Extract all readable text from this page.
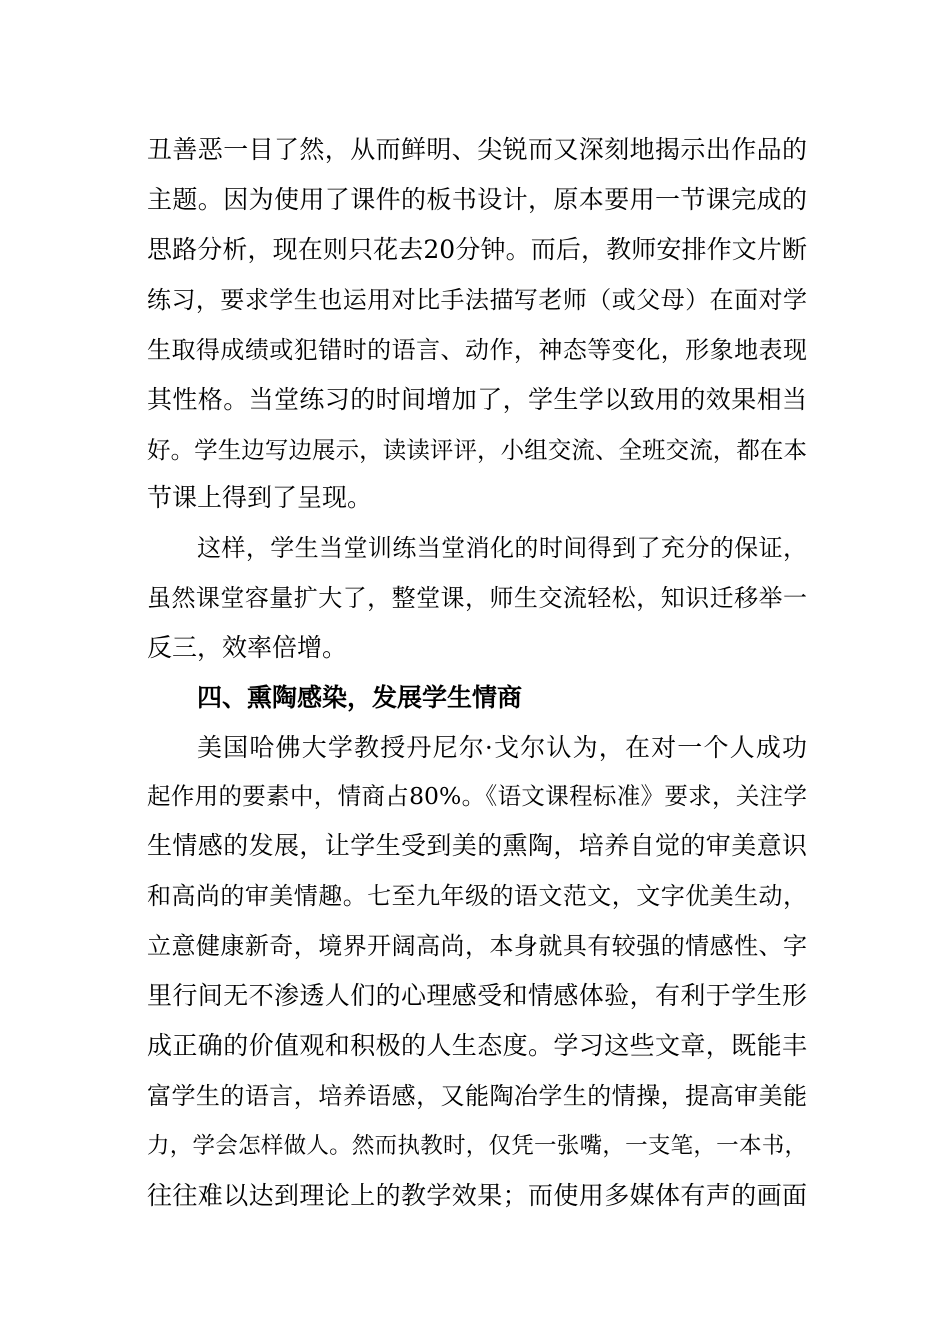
丑善恶一目了然，从而鲜明、尖锐而又深刻地揭示出作品的
主题。因为使用了课件的板书设计，原本要用一节课完成的
思路分析，现在则只花去20分钟。而后，教师安排作文片断
练习，要求学生也运用对比手法描写老师（或父母）在面对学
生取得成绩或犯错时的语言、动作，神态等变化，形象地表现
其性格。当堂练习的时间增加了，学生学以致用的效果相当
好。学生边写边展示，读读评评，小组交流、全班交流，都在本
节课上得到了呈现。
这样，学生当堂训练当堂消化的时间得到了充分的保证，
虽然课堂容量扩大了，整堂课，师生交流轻松，知识迁移举一
反三，效率倍增。
四、熏陶感染，发展学生情商
美国哈佛大学教授丹尼尔·戈尔认为，在对一个人成功
起作用的要素中，情商占80%。《语文课程标准》要求，关注学
生情感的发展，让学生受到美的熏陶，培养自觉的审美意识
和高尚的审美情趣。七至九年级的语文范文，文字优美生动，
立意健康新奇，境界开阔高尚，本身就具有较强的情感性、字
里行间无不渗透人们的心理感受和情感体验，有利于学生形
成正确的价值观和积极的人生态度。学习这些文章，既能丰
富学生的语言，培养语感，又能陶冶学生的情操，提高审美能
力，学会怎样做人。然而执教时，仅凭一张嘴，一支笔，一本书，
往往难以达到理论上的教学效果；而使用多媒体有声的画面
